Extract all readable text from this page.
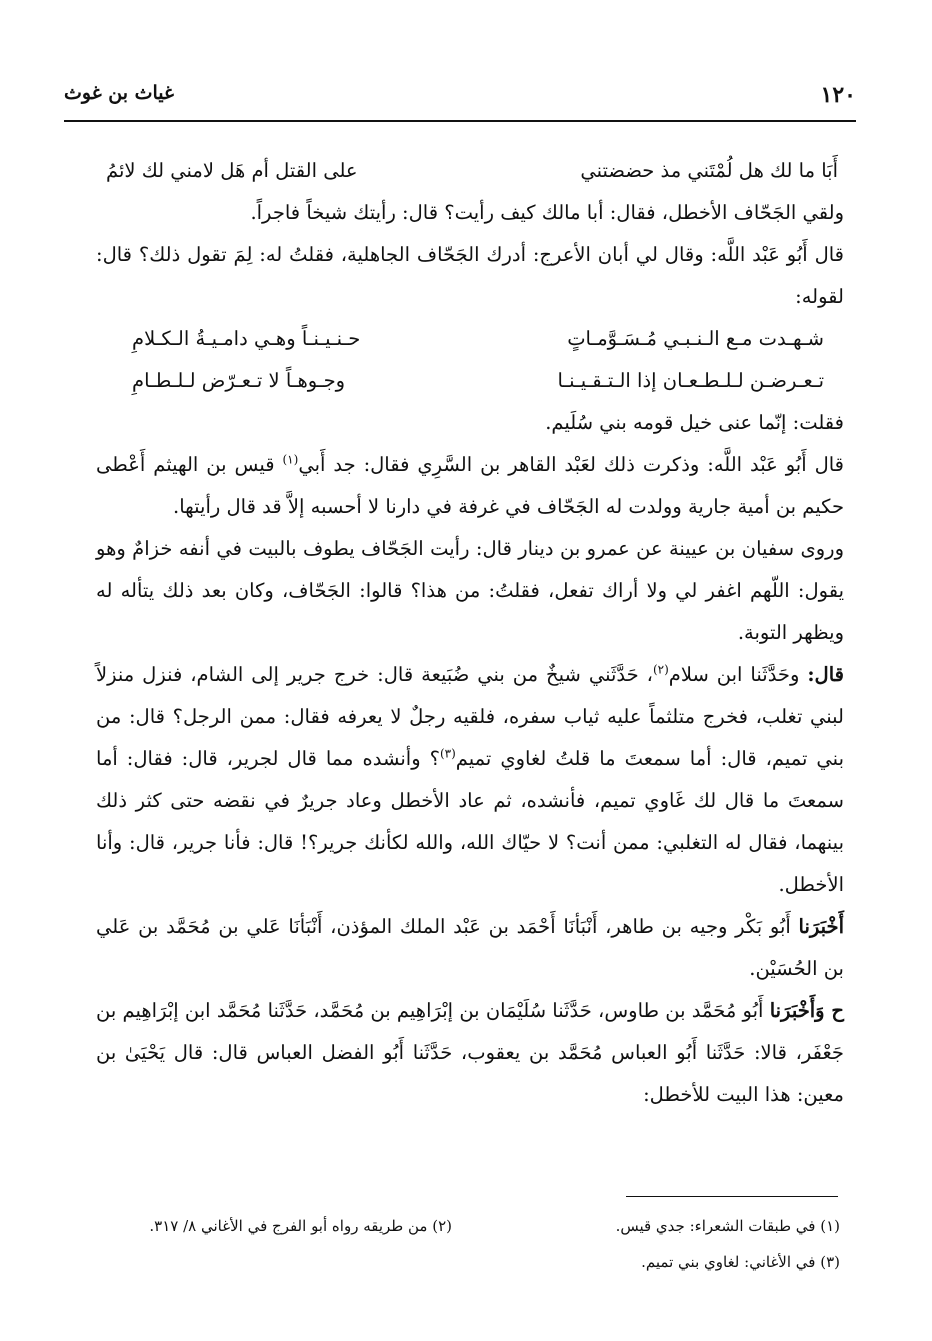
١٢٠
غياث بن غوث
أَبَا ما لك هل لُمْتَني مذ حضضتني
على القتل أم هَل لامني لك لائمُ

ولقي الجَحّاف الأخطل، فقال: أبا مالك كيف رأيت؟ قال: رأيتك شيخاً فاجراً.

قال أَبُو عَبْد اللَّه: وقال لي أبان الأعرج: أدرك الجَحّاف الجاهلية، فقلتُ له: لِمَ تقول ذلك؟ قال: لقوله:

شـهـدت مـع الـنـبـي مُـسَـوَّمـاتٍ
حـنـيـنـاً وهـي دامـيـةُ الـكـلامِ
تـعـرضـن لـلـطـعـان إذا الـتـقـيـنـا
وجـوهـاً لا تـعـرّض لـلـطـامِ

فقلت: إنّما عنى خيل قومه بني سُلَيم.

قال أَبُو عَبْد اللَّه: وذكرت ذلك لعَبْد القاهر بن السَّرِي فقال: جد أَبي$^{(١)}$ قيس بن الهيثم أَعْطى حكيم بن أمية جارية وولدت له الجَحّاف في غرفة في دارنا لا أحسبه إلاَّ قد قال رأيتها.

وروى سفيان بن عيينة عن عمرو بن دينار قال: رأيت الجَحّاف يطوف بالبيت في أنفه خزامٌ وهو يقول: اللّهم اغفر لي ولا أراك تفعل، فقلتُ: من هذا؟ قالوا: الجَحّاف، وكان بعد ذلك يتأله له ويظهر التوبة.

قال: وحَدَّثَنا ابن سلام$^{(٢)}$، حَدَّثَني شيخٌ من بني ضُبَيعة قال: خرج جرير إلى الشام، فنزل منزلاً لبني تغلب، فخرج متلثماً عليه ثياب سفره، فلقيه رجلٌ لا يعرفه فقال: ممن الرجل؟ قال: من بني تميم، قال: أما سمعتَ ما قلتُ لغاوي تميم$^{(٣)}$؟ وأنشده مما قال لجرير، قال: فقال: أما سمعتَ ما قال لك غَاوي تميم، فأنشده، ثم عاد الأخطل وعاد جريرٌ في نقضه حتى كثر ذلك بينهما، فقال له التغلبي: ممن أنت؟ لا حيّاك الله، والله لكأنك جرير؟! قال: فأنا جرير، قال: وأنا الأخطل.

أَخْبَرَنا أَبُو بَكْر وجيه بن طاهر، أَنْبَأنَا أَحْمَد بن عَبْد الملك المؤذن، أَنْبَأنَا عَلي بن مُحَمَّد بن عَلي بن الحُسَيْن.

ح وَأَخْبَرَنا أَبُو مُحَمَّد بن طاوس، حَدَّثَنا سُلَيْمَان بن إبْرَاهِيم بن مُحَمَّد، حَدَّثَنا مُحَمَّد ابن إبْرَاهِيم بن جَعْفَر، قالا: حَدَّثَنا أَبُو العباس مُحَمَّد بن يعقوب، حَدَّثَنا أَبُو الفضل العباس قال: قال يَحْيَىٰ بن معين: هذا البيت للأخطل:

(١) في طبقات الشعراء: جدي قيس.
(٢) من طريقه رواه أبو الفرج في الأغاني ٨/ ٣١٧.
(٣) في الأغاني: لغاوي بني تميم.
